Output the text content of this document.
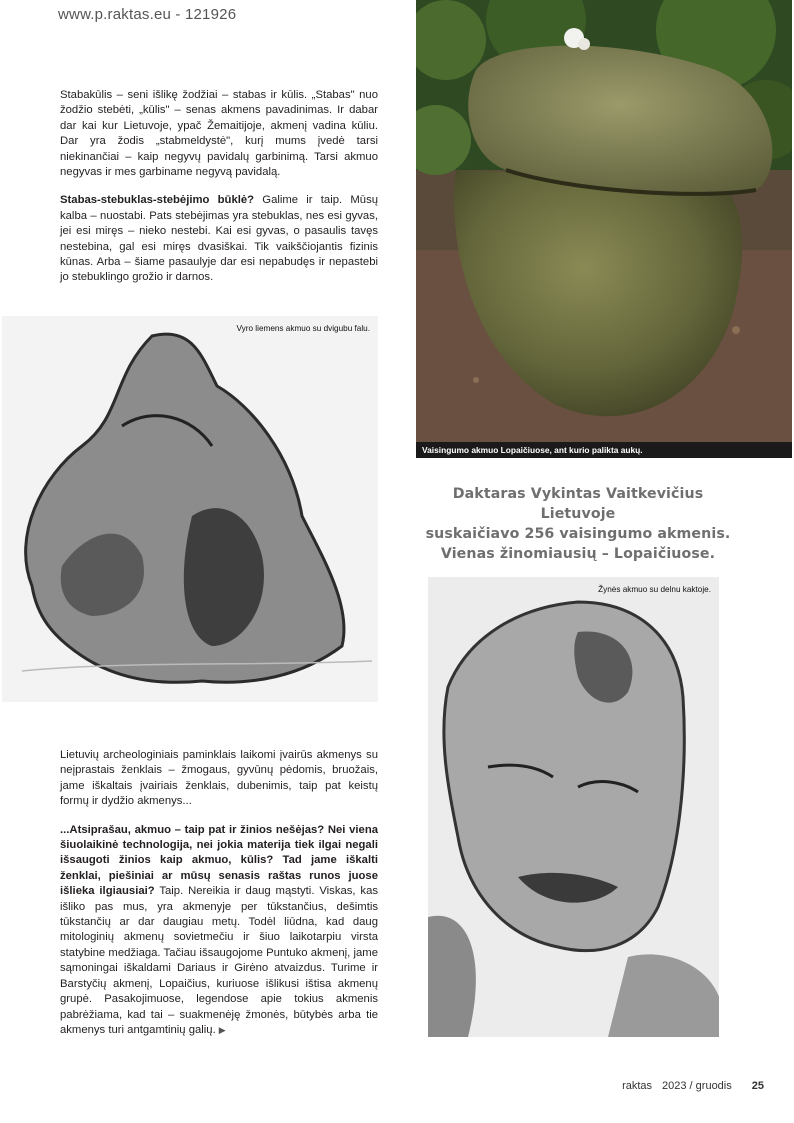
www.p.raktas.eu - 121926

Stabakūlis – seni išlikę žodžiai – stabas ir kūlis. „Stabas" nuo žodžio stebėti, „kūlis" – senas akmens pavadinimas. Ir dabar dar kai kur Lietuvoje, ypač Žemaitijoje, akmenį vadina kūliu. Dar yra žodis „stabmeldystė", kurį mums įvedė tarsi niekinančiai – kaip negyvų pavidalų garbinimą. Tarsi akmuo negyvas ir mes garbiname negyvą pavidalą.

Stabas-stebuklas-stebėjimo būklė? Galime ir taip. Mūsų kalba – nuostabi. Pats stebėjimas yra stebuklas, nes esi gyvas, jei esi miręs – nieko nestebi. Kai esi gyvas, o pasaulis tavęs nestebina, gal esi miręs dvasiškai. Tik vaikščiojantis fizinis kūnas. Arba – šiame pasaulyje dar esi nepabudęs ir nepastebi jo stebuklingo grožio ir darnos.

Vaisingumo akmuo Lopaičiuose, ant kurio palikta aukų.
Vyro liemens akmuo su dvigubu falu.
Daktaras Vykintas Vaitkevičius Lietuvoje
suskaičiavo 256 vaisingumo akmenis.
Vienas žinomiausių – Lopaičiuose.
Žynės akmuo su delnu kaktoje.

Lietuvių archeologiniais paminklais laikomi įvairūs akmenys su neįprastais ženklais – žmogaus, gyvūnų pėdomis, bruožais, jame iškaltais įvairiais ženklais, dubenimis, taip pat keistų formų ir dydžio akmenys...

...Atsiprašau, akmuo – taip pat ir žinios nešėjas? Nei viena šiuolaikinė technologija, nei jokia materija tiek ilgai negali išsaugoti žinios kaip akmuo, kūlis? Tad jame iškalti ženklai, piešiniai ar mūsų senasis raštas runos juose išlieka ilgiausiai? Taip. Nereikia ir daug mąstyti. Viskas, kas išliko pas mus, yra akmenyje per tūkstančius, dešimtis tūkstančių ar dar daugiau metų. Todėl liūdna, kad daug mitologinių akmenų sovietmečiu ir šiuo laikotarpiu virsta statybine medžiaga. Tačiau išsaugojome Puntuko akmenį, jame sąmoningai iškaldami Dariaus ir Girėno atvaizdus. Turime ir Barstyčių akmenį, Lopaičius, kuriuose išlikusi ištisa akmenų grupė. Pasakojimuose, legendose apie tokius akmenis pabrėžiama, kad tai – suakmenėję žmonės, būtybės arba tie akmenys turi antgamtinių galių. ▶

raktas 2023 / gruodis 25
